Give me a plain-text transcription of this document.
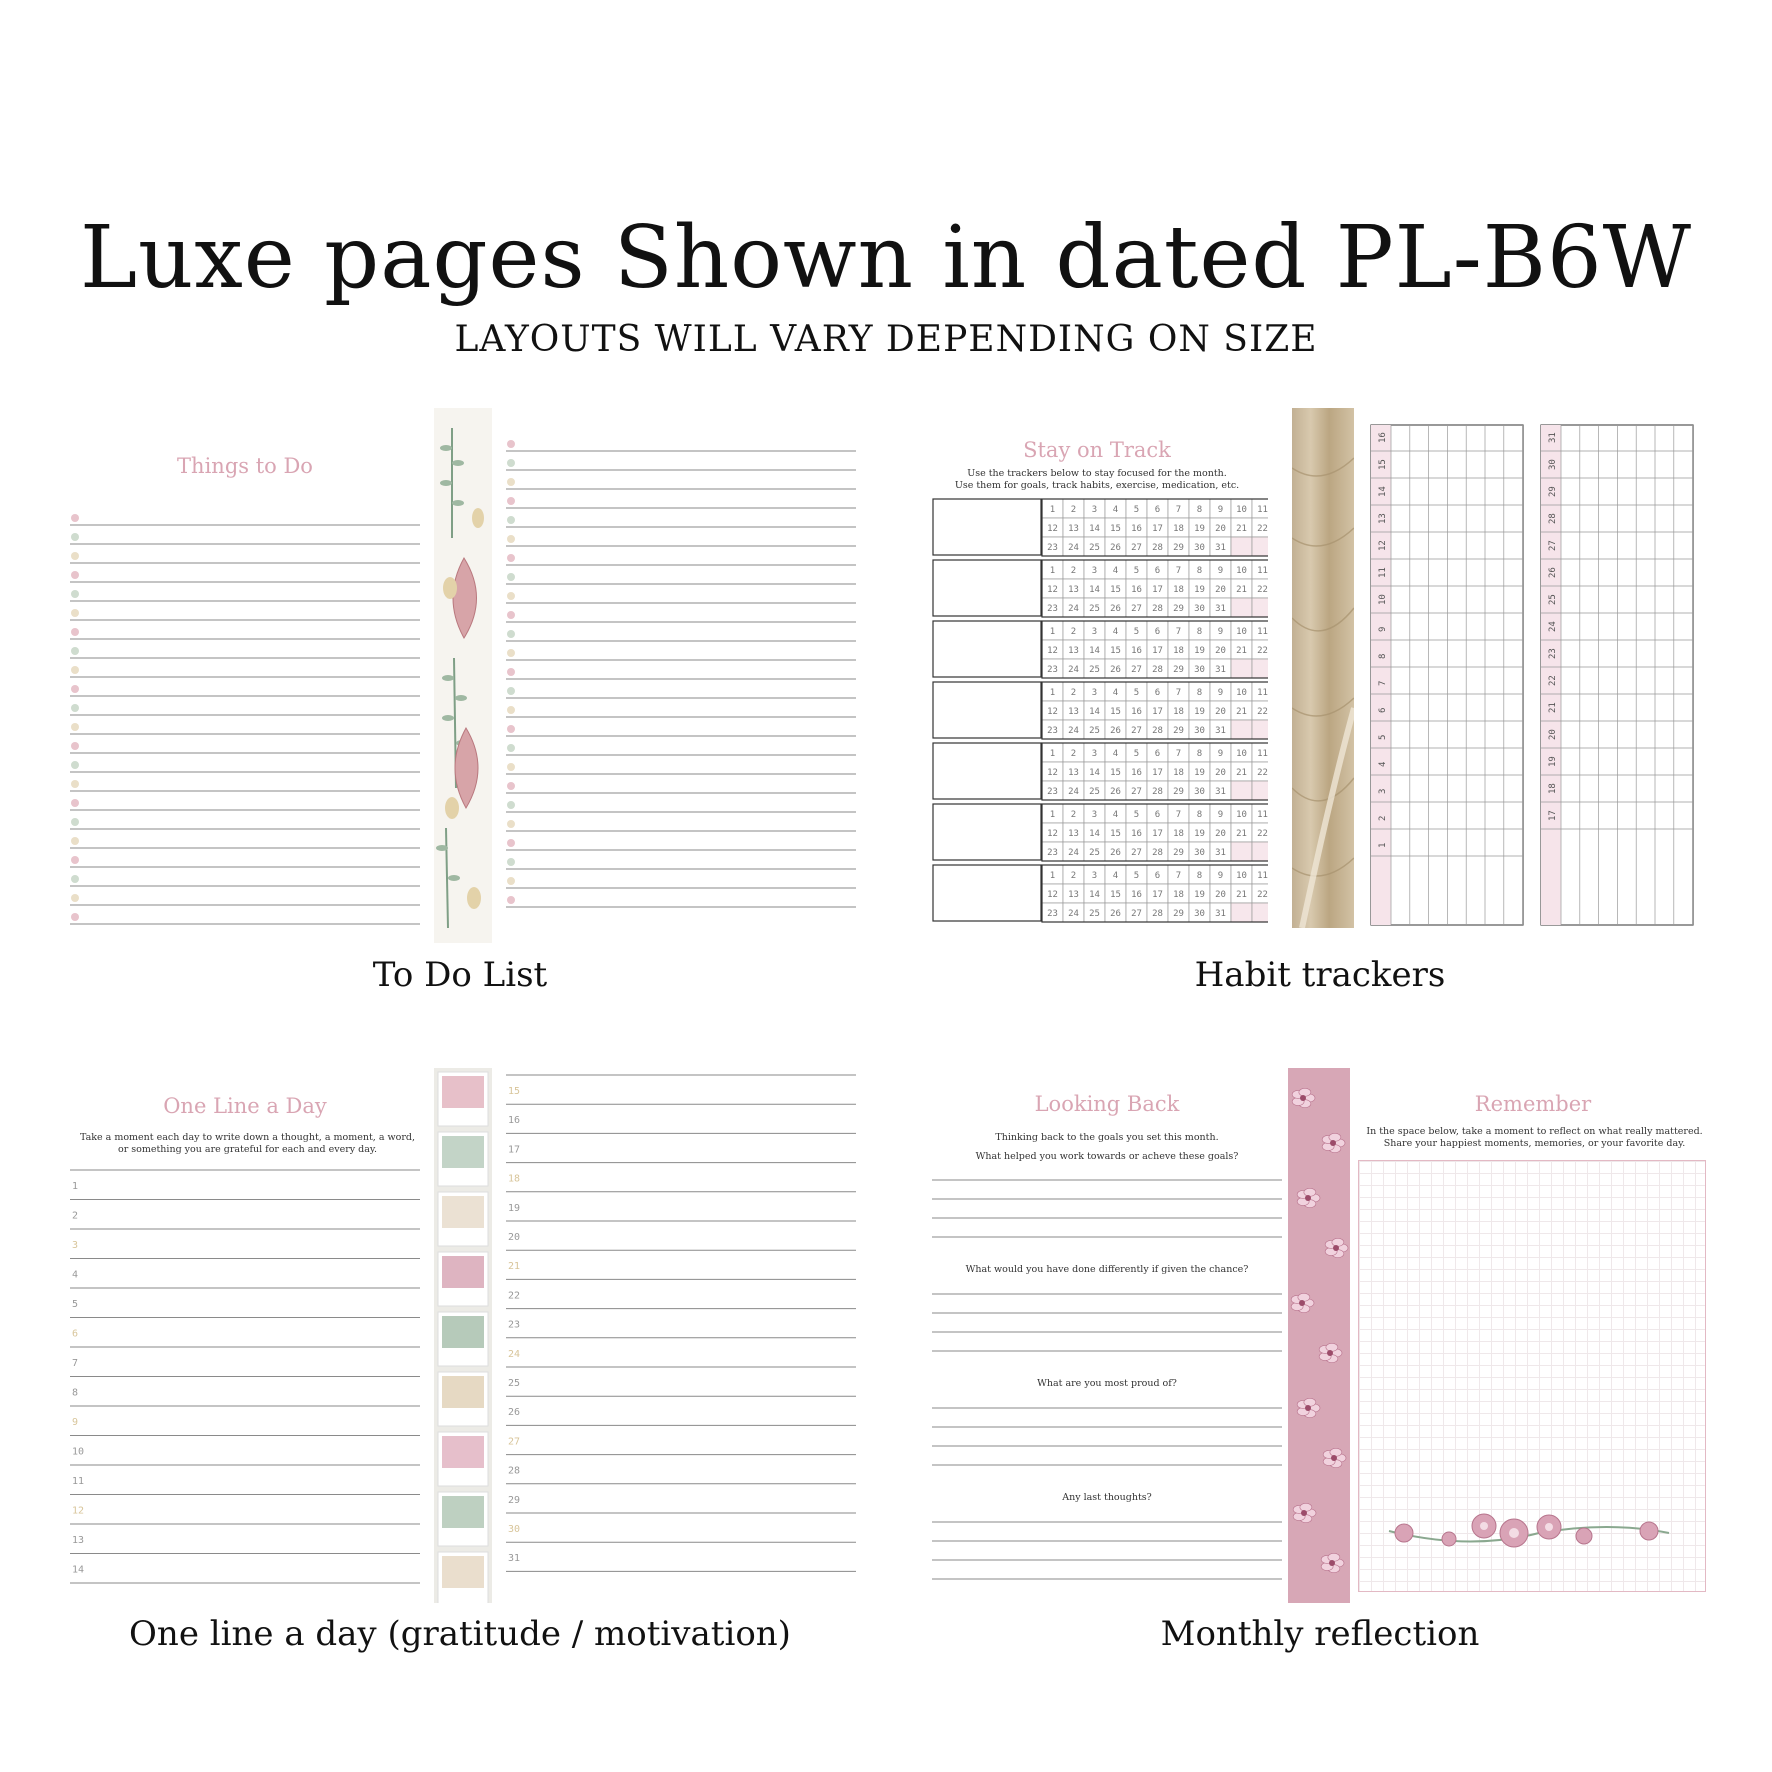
Luxe pages Shown in dated PL-B6W
LAYOUTS WILL VARY DEPENDING ON SIZE
Things to Do
To Do List
Stay on Track
Use the trackers below to stay focused for the month.
Use them for goals, track habits, exercise, medication, etc.
1 2 3 4 5 6 7 8 9 10 11
12 13 14 15 16 17 18 19 20 21 22
23 24 25 26 27 28 29 30 31
1 2 3 4 5 6 7 8 9 10 11
12 13 14 15 16 17 18 19 20 21 22
23 24 25 26 27 28 29 30 31
1 2 3 4 5 6 7 8 9 10 11
12 13 14 15 16 17 18 19 20 21 22
23 24 25 26 27 28 29 30 31
1 2 3 4 5 6 7 8 9 10 11
12 13 14 15 16 17 18 19 20 21 22
23 24 25 26 27 28 29 30 31
1 2 3 4 5 6 7 8 9 10 11
12 13 14 15 16 17 18 19 20 21 22
23 24 25 26 27 28 29 30 31
1 2 3 4 5 6 7 8 9 10 11
12 13 14 15 16 17 18 19 20 21 22
23 24 25 26 27 28 29 30 31
1 2 3 4 5 6 7 8 9 10 11
12 13 14 15 16 17 18 19 20 21 22
23 24 25 26 27 28 29 30 31
16
15
14
13
12
11
10
9
8
7
6
5
4
3
2
1
31
30
29
28
27
26
25
24
23
22
21
20
19
18
17
Habit trackers
One Line a Day
Take a moment each day to write down a thought, a moment, a word, or something you are grateful for each and every day.
1
2
3
4
5
6
7
8
9
10
11
12
13
14
15
16
17
18
19
20
21
22
23
24
25
26
27
28
29
30
31
One line a day (gratitude / motivation)
Looking Back
Thinking back to the goals you set this month.
What helped you work towards or acheve these goals?
What would you have done differently if given the chance?
What are you most proud of?
Any last thoughts?
Remember
In the space below, take a moment to reflect on what really mattered. Share your happiest moments, memories, or your favorite day.
Monthly reflection
